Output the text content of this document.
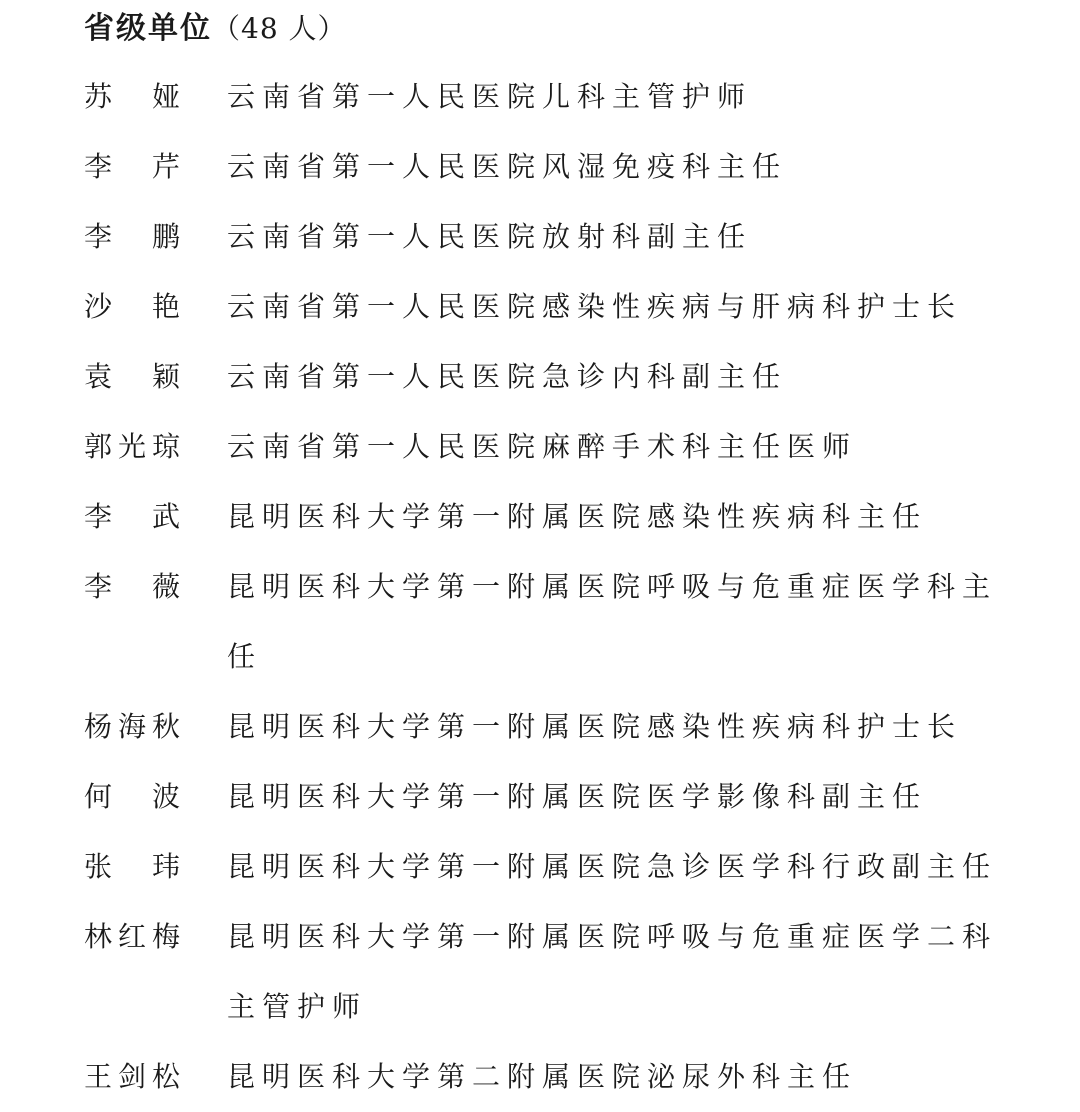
省级单位（48 人）
苏　娅 云南省第一人民医院儿科主管护师
李　芹 云南省第一人民医院风湿免疫科主任
李　鹏 云南省第一人民医院放射科副主任
沙　艳 云南省第一人民医院感染性疾病与肝病科护士长
袁　颖 云南省第一人民医院急诊内科副主任
郭光琼 云南省第一人民医院麻醉手术科主任医师
李　武 昆明医科大学第一附属医院感染性疾病科主任
李　薇 昆明医科大学第一附属医院呼吸与危重症医学科主任
杨海秋 昆明医科大学第一附属医院感染性疾病科护士长
何　波 昆明医科大学第一附属医院医学影像科副主任
张　玮 昆明医科大学第一附属医院急诊医学科行政副主任
林红梅 昆明医科大学第一附属医院呼吸与危重症医学二科主管护师
王剑松 昆明医科大学第二附属医院泌尿外科主任
